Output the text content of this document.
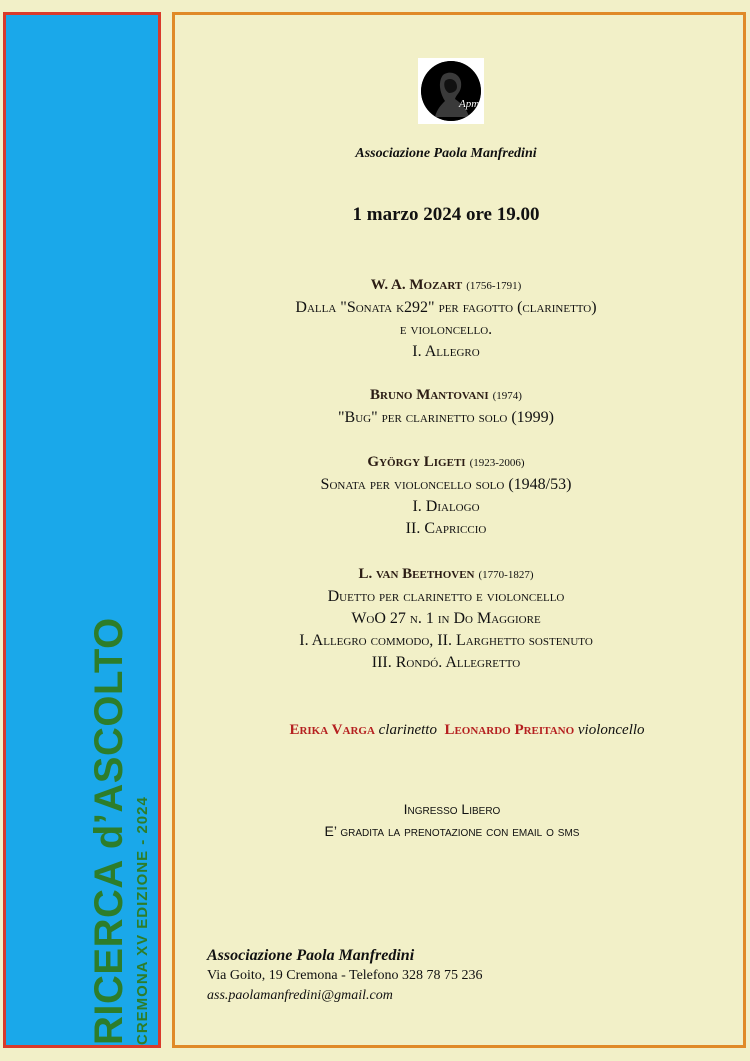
RICERCA d’ASCOLTO CREMONA XV EDIZIONE - 2024
Apm
Associazione Paola Manfredini
1 marzo 2024 ore 19.00
W. A. Mozart (1756-1791)
Dalla "Sonata k292" per fagotto (clarinetto)
e violoncello.
I. Allegro
Bruno Mantovani (1974)
"Bug" per clarinetto solo (1999)
György Ligeti (1923-2006)
Sonata per violoncello solo (1948/53)
I. Dialogo
II. Capriccio
L. van Beethoven (1770-1827)
Duetto per clarinetto e violoncello
WoO 27 n. 1 in Do Maggiore
I. Allegro commodo, II. Larghetto sostenuto
III. Rondó. Allegretto
Erika Varga clarinetto Leonardo Preitano violoncello
Ingresso Libero
E’ gradita la prenotazione con email o sms
Associazione Paola Manfredini
Via Goito, 19 Cremona - Telefono 328 78 75 236
ass.paolamanfredini@gmail.com
